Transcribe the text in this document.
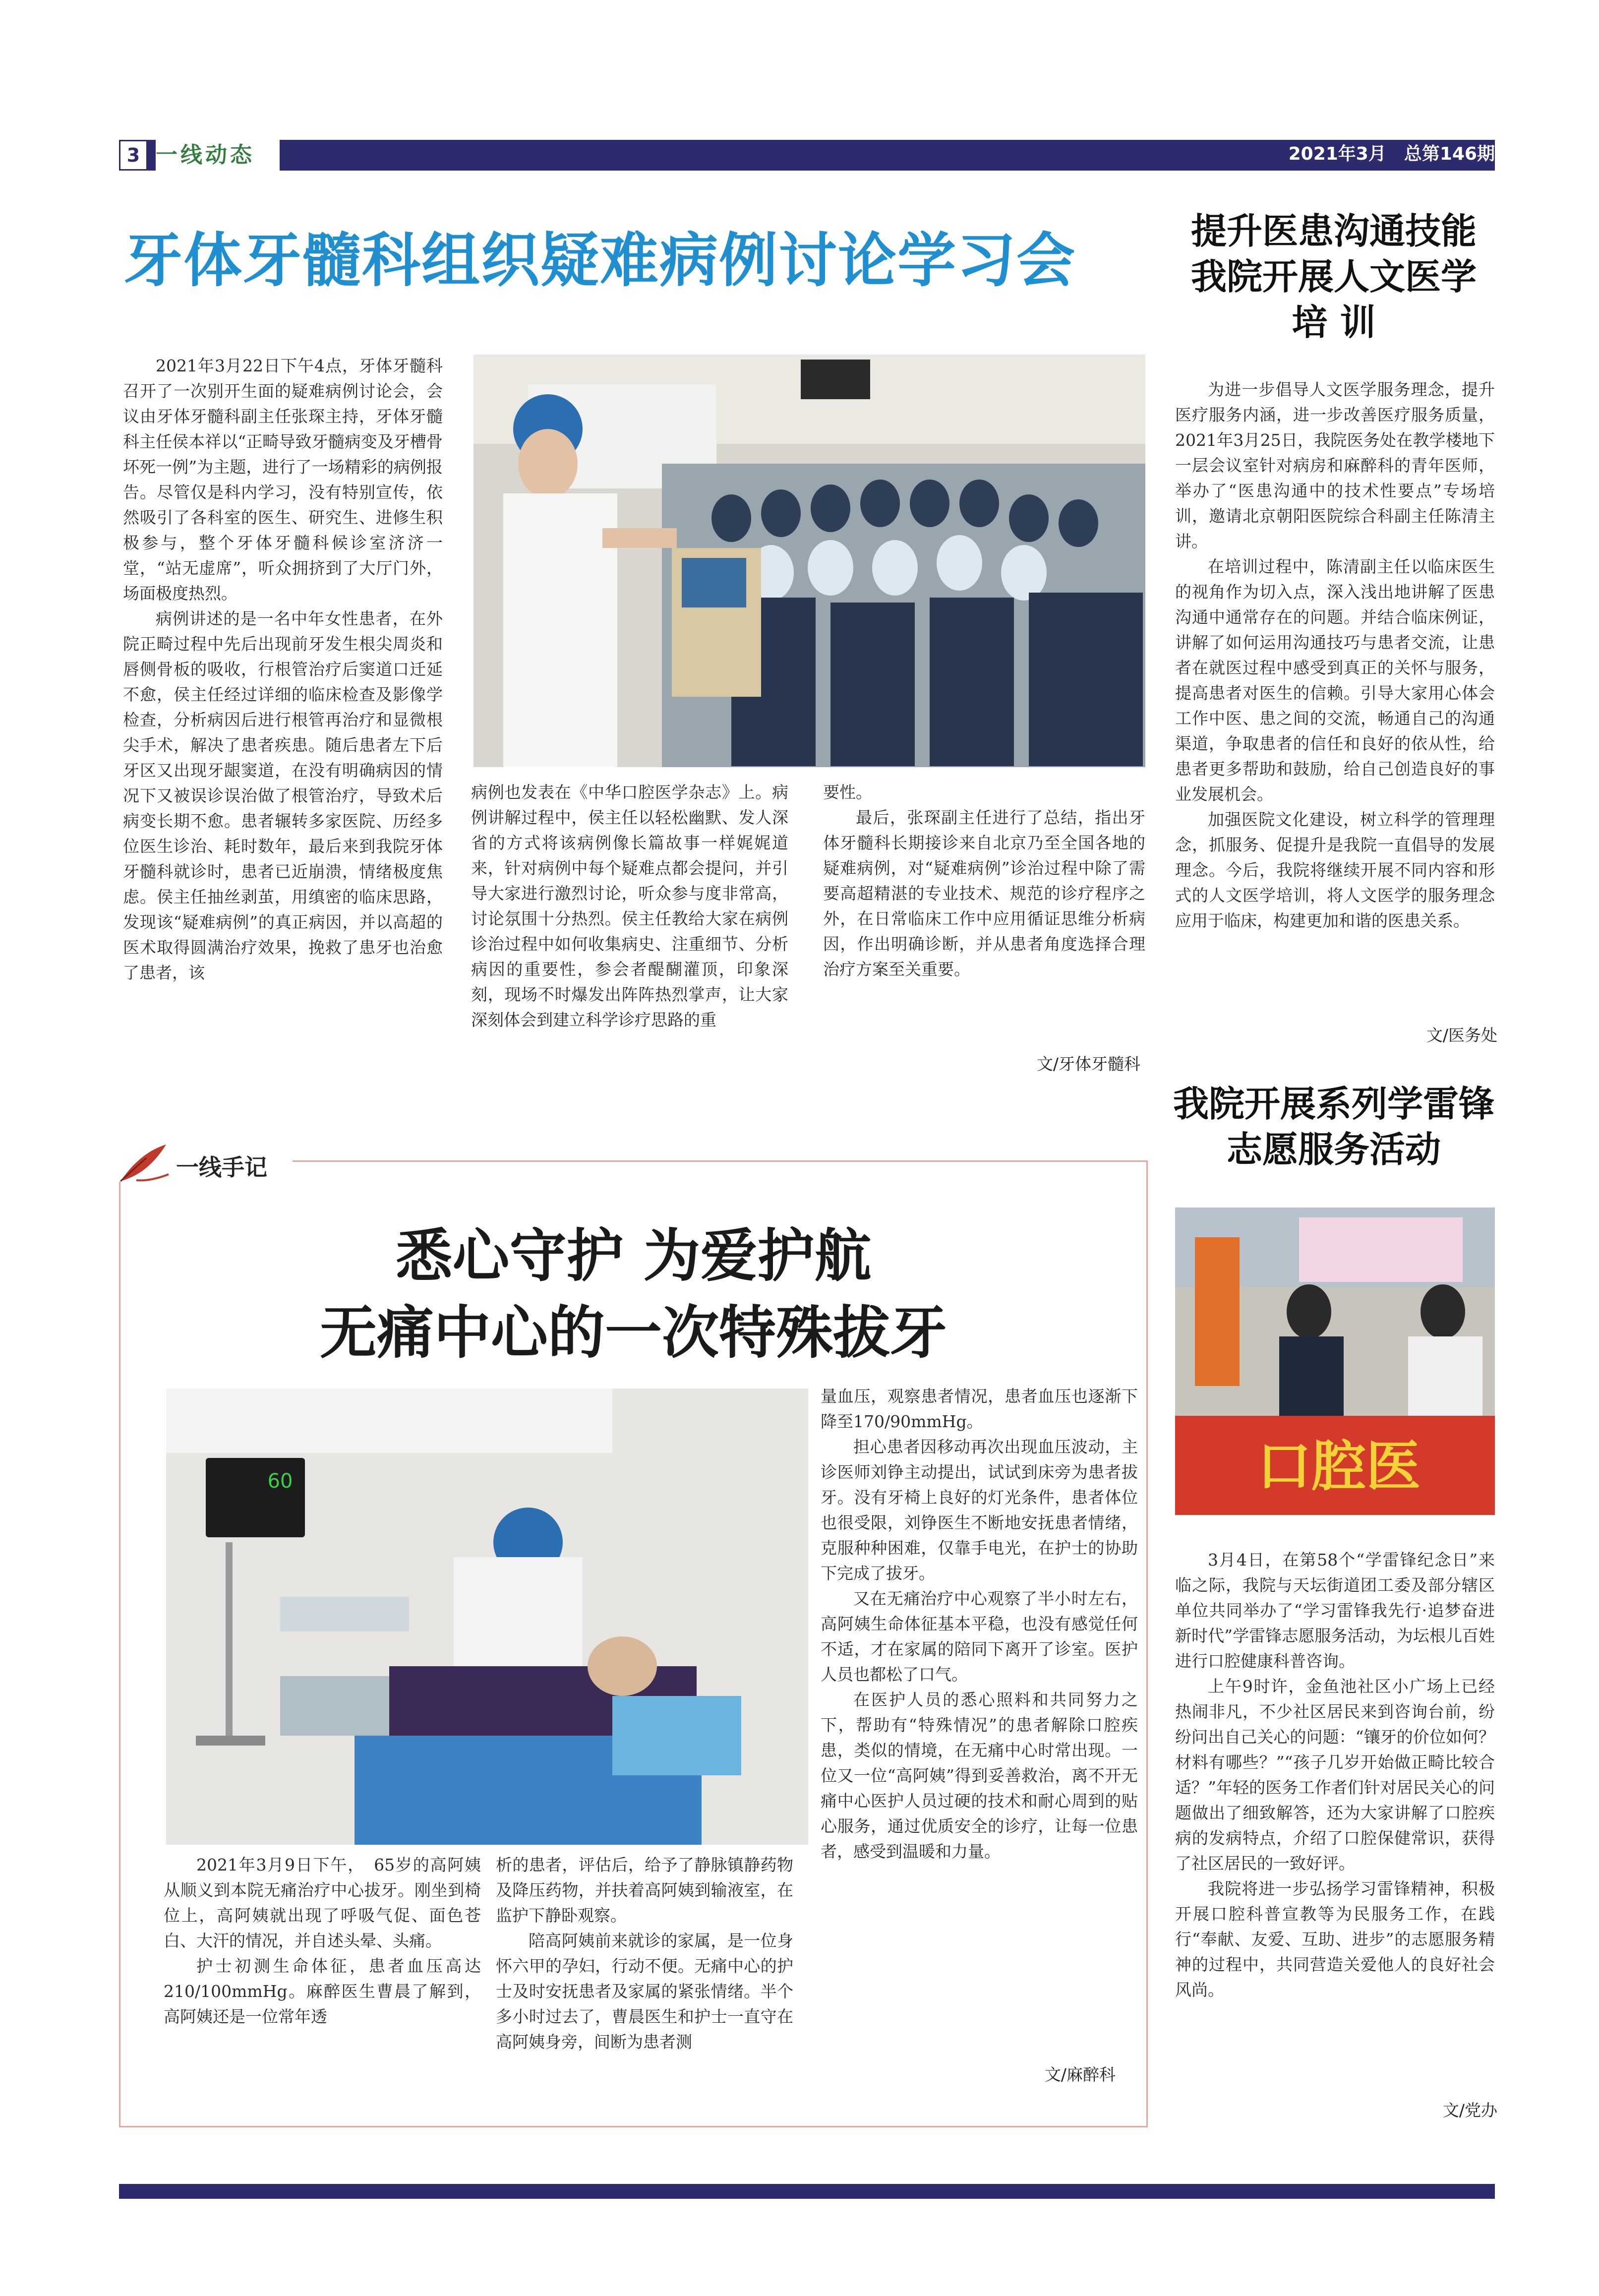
3 一线动态	2021年3月　总第146期
牙体牙髓科组织疑难病例讨论学习会

2021年3月22日下午4点，牙体牙髓科召开了一次别开生面的疑难病例讨论会，会议由牙体牙髓科副主任张琛主持，牙体牙髓科主任侯本祥以“正畸导致牙髓病变及牙槽骨坏死一例”为主题，进行了一场精彩的病例报告。尽管仅是科内学习，没有特别宣传，依然吸引了各科室的医生、研究生、进修生积极参与，整个牙体牙髓科候诊室济济一堂，“站无虚席”，听众拥挤到了大厅门外，场面极度热烈。

病例讲述的是一名中年女性患者，在外院正畸过程中先后出现前牙发生根尖周炎和唇侧骨板的吸收，行根管治疗后窦道口迁延不愈，侯主任经过详细的临床检查及影像学检查，分析病因后进行根管再治疗和显微根尖手术，解决了患者疾患。随后患者左下后牙区又出现牙龈窦道，在没有明确病因的情况下又被误诊误治做了根管治疗，导致术后病变长期不愈。患者辗转多家医院、历经多位医生诊治、耗时数年，最后来到我院牙体牙髓科就诊时，患者已近崩溃，情绪极度焦虑。侯主任抽丝剥茧，用缜密的临床思路，发现该“疑难病例”的真正病因，并以高超的医术取得圆满治疗效果，挽救了患牙也治愈了患者，该

病例也发表在《中华口腔医学杂志》上。病例讲解过程中，侯主任以轻松幽默、发人深省的方式将该病例像长篇故事一样娓娓道来，针对病例中每个疑难点都会提问，并引导大家进行激烈讨论，听众参与度非常高，讨论氛围十分热烈。侯主任教给大家在病例诊治过程中如何收集病史、注重细节、分析病因的重要性，参会者醍醐灌顶，印象深刻，现场不时爆发出阵阵热烈掌声，让大家深刻体会到建立科学诊疗思路的重

要性。

最后，张琛副主任进行了总结，指出牙体牙髓科长期接诊来自北京乃至全国各地的疑难病例，对“疑难病例”诊治过程中除了需要高超精湛的专业技术、规范的诊疗程序之外，在日常临床工作中应用循证思维分析病因，作出明确诊断，并从患者角度选择合理治疗方案至关重要。

文/牙体牙髓科
提升医患沟通技能
我院开展人文医学
培 训

为进一步倡导人文医学服务理念，提升医疗服务内涵，进一步改善医疗服务质量，2021年3月25日，我院医务处在教学楼地下一层会议室针对病房和麻醉科的青年医师，举办了“医患沟通中的技术性要点”专场培训，邀请北京朝阳医院综合科副主任陈清主讲。

在培训过程中，陈清副主任以临床医生的视角作为切入点，深入浅出地讲解了医患沟通中通常存在的问题。并结合临床例证，讲解了如何运用沟通技巧与患者交流，让患者在就医过程中感受到真正的关怀与服务，提高患者对医生的信赖。引导大家用心体会工作中医、患之间的交流，畅通自己的沟通渠道，争取患者的信任和良好的依从性，给患者更多帮助和鼓励，给自己创造良好的事业发展机会。

加强医院文化建设，树立科学的管理理念，抓服务、促提升是我院一直倡导的发展理念。今后，我院将继续开展不同内容和形式的人文医学培训，将人文医学的服务理念应用于临床，构建更加和谐的医患关系。

文/医务处
我院开展系列学雷锋
志愿服务活动
口腔医

3月4日，在第58个“学雷锋纪念日”来临之际，我院与天坛街道团工委及部分辖区单位共同举办了“学习雷锋我先行·追梦奋进新时代”学雷锋志愿服务活动，为坛根儿百姓进行口腔健康科普咨询。

上午9时许，金鱼池社区小广场上已经热闹非凡，不少社区居民来到咨询台前，纷纷问出自己关心的问题：“镶牙的价位如何？材料有哪些？”“孩子几岁开始做正畸比较合适？”年轻的医务工作者们针对居民关心的问题做出了细致解答，还为大家讲解了口腔疾病的发病特点，介绍了口腔保健常识，获得了社区居民的一致好评。

我院将进一步弘扬学习雷锋精神，积极开展口腔科普宣教等为民服务工作，在践行“奉献、友爱、互助、进步”的志愿服务精神的过程中，共同营造关爱他人的良好社会风尚。

文/党办
一线手记
悉心守护 为爱护航
无痛中心的一次特殊拔牙
60

量血压，观察患者情况，患者血压也逐渐下降至170/90mmHg。

担心患者因移动再次出现血压波动，主诊医师刘铮主动提出，试试到床旁为患者拔牙。没有牙椅上良好的灯光条件，患者体位也很受限，刘铮医生不断地安抚患者情绪，克服种种困难，仅靠手电光，在护士的协助下完成了拔牙。

又在无痛治疗中心观察了半小时左右，高阿姨生命体征基本平稳，也没有感觉任何不适，才在家属的陪同下离开了诊室。医护人员也都松了口气。

在医护人员的悉心照料和共同努力之下，帮助有“特殊情况”的患者解除口腔疾患，类似的情境，在无痛中心时常出现。一位又一位“高阿姨”得到妥善救治，离不开无痛中心医护人员过硬的技术和耐心周到的贴心服务，通过优质安全的诊疗，让每一位患者，感受到温暖和力量。

2021年3月9日下午，　65岁的高阿姨从顺义到本院无痛治疗中心拔牙。刚坐到椅位上，高阿姨就出现了呼吸气促、面色苍白、大汗的情况，并自述头晕、头痛。

护士初测生命体征，患者血压高达210/100mmHg。麻醉医生曹晨了解到，高阿姨还是一位常年透

析的患者，评估后，给予了静脉镇静药物及降压药物，并扶着高阿姨到输液室，在监护下静卧观察。

陪高阿姨前来就诊的家属，是一位身怀六甲的孕妇，行动不便。无痛中心的护士及时安抚患者及家属的紧张情绪。半个多小时过去了，曹晨医生和护士一直守在高阿姨身旁，间断为患者测

文/麻醉科
